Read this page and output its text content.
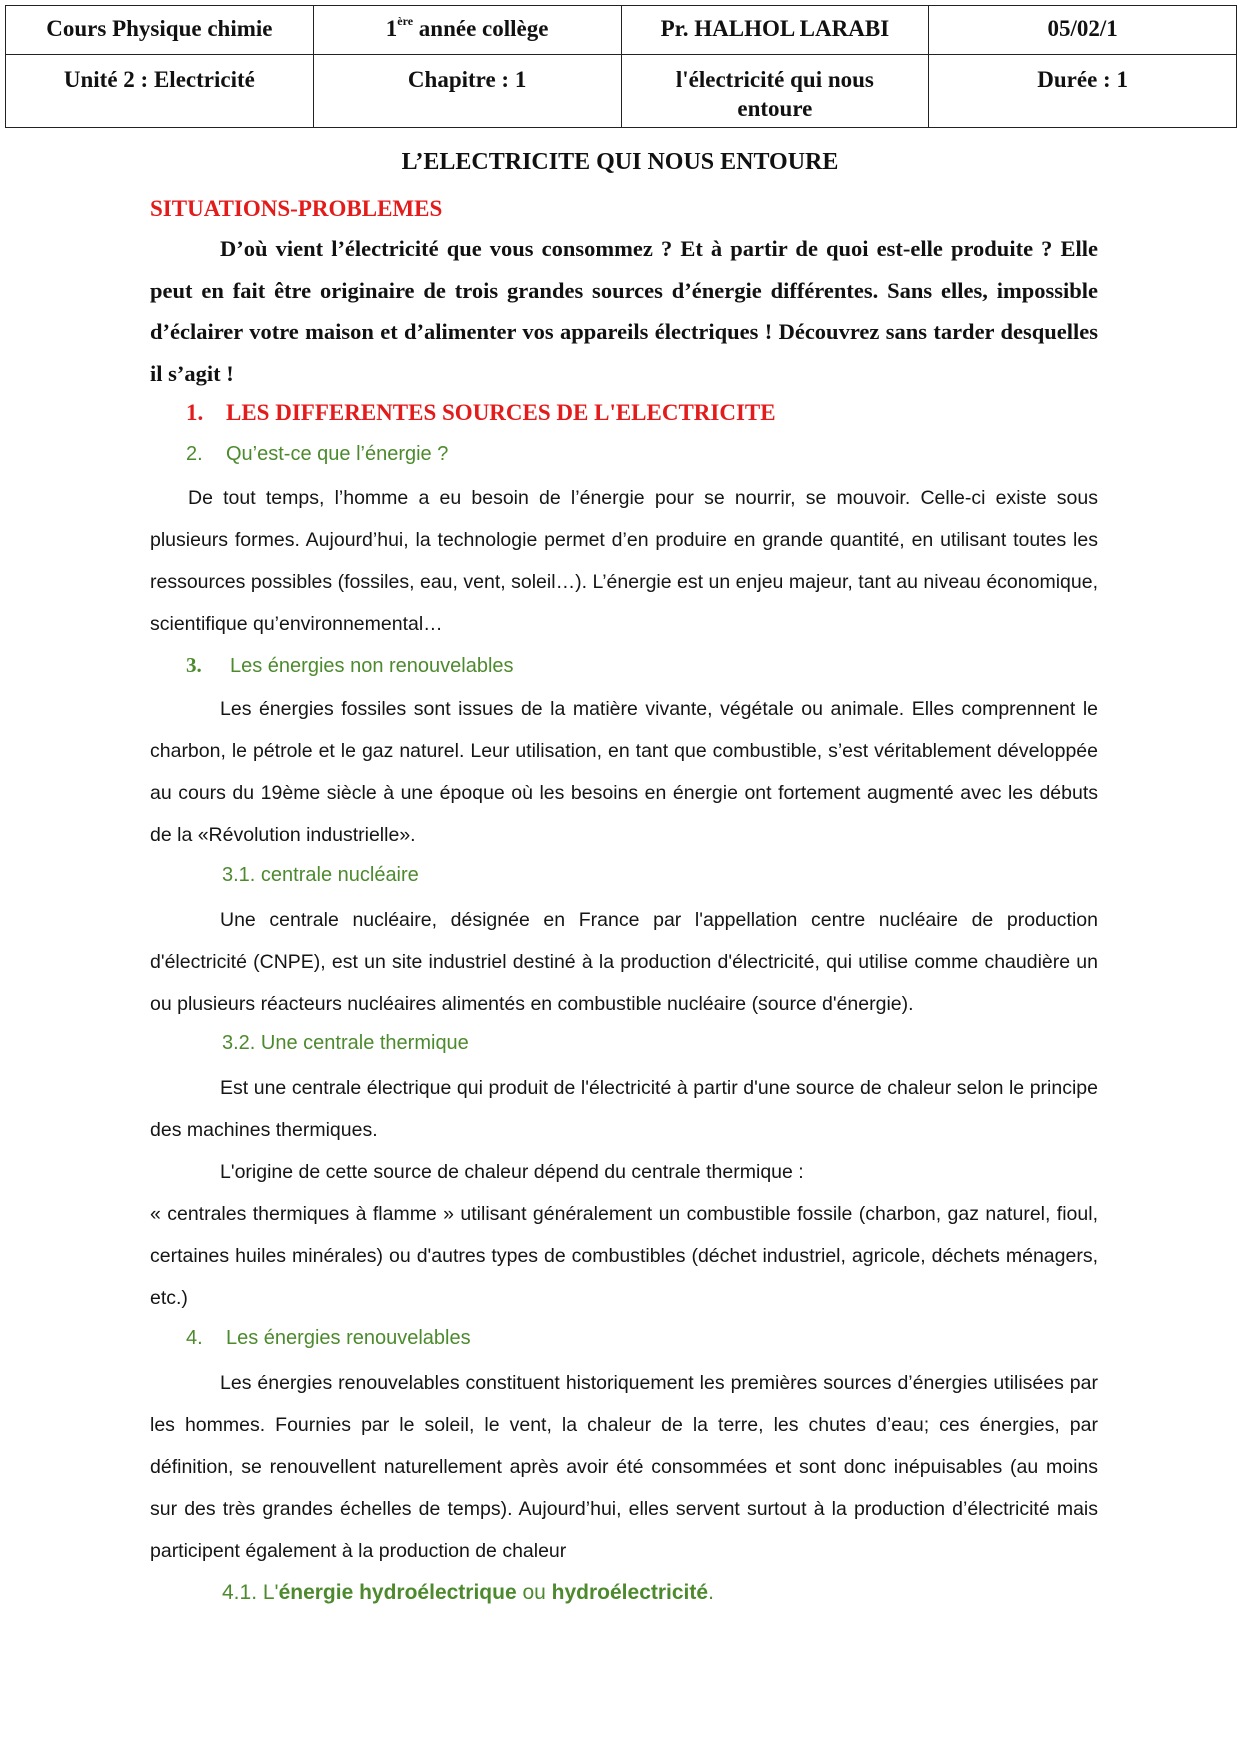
Cours Physique chimie	1ère année collège	Pr. HALHOL LARABI	05/02/1
Unité 2 : Electricité	Chapitre : 1	l'électricité qui nous entoure	Durée : 1
L’ELECTRICITE QUI NOUS ENTOURE
SITUATIONS-PROBLEMES
D’où vient l’électricité que vous consommez ? Et à partir de quoi est-elle produite ? Elle peut en fait être originaire de trois grandes sources d’énergie différentes. Sans elles, impossible d’éclairer votre maison et d’alimenter vos appareils électriques ! Découvrez sans tarder desquelles il s’agit !
1. LES DIFFERENTES SOURCES DE L'ELECTRICITE
2. Qu’est-ce que l’énergie ?
De tout temps, l’homme a eu besoin de l’énergie pour se nourrir, se mouvoir. Celle-ci existe sous plusieurs formes. Aujourd’hui, la technologie permet d’en produire en grande quantité, en utilisant toutes les ressources possibles (fossiles, eau, vent, soleil…). L’énergie est un enjeu majeur, tant au niveau économique, scientifique qu’environnemental…
3. Les énergies non renouvelables
Les énergies fossiles sont issues de la matière vivante, végétale ou animale. Elles comprennent le charbon, le pétrole et le gaz naturel. Leur utilisation, en tant que combustible, s’est véritablement développée au cours du 19ème siècle à une époque où les besoins en énergie ont fortement augmenté avec les débuts de la «Révolution industrielle».
3.1. centrale nucléaire
Une centrale nucléaire, désignée en France par l'appellation centre nucléaire de production d'électricité (CNPE), est un site industriel destiné à la production d'électricité, qui utilise comme chaudière un ou plusieurs réacteurs nucléaires alimentés en combustible nucléaire (source d'énergie).
3.2. Une centrale thermique
Est une centrale électrique qui produit de l'électricité à partir d'une source de chaleur selon le principe des machines thermiques.
L'origine de cette source de chaleur dépend du centrale thermique :
« centrales thermiques à flamme » utilisant généralement un combustible fossile (charbon, gaz naturel, fioul, certaines huiles minérales) ou d'autres types de combustibles (déchet industriel, agricole, déchets ménagers, etc.)
4. Les énergies renouvelables
Les énergies renouvelables constituent historiquement les premières sources d’énergies utilisées par les hommes. Fournies par le soleil, le vent, la chaleur de la terre, les chutes d’eau; ces énergies, par définition, se renouvellent naturellement après avoir été consommées et sont donc inépuisables (au moins sur des très grandes échelles de temps). Aujourd’hui, elles servent surtout à la production d’électricité mais participent également à la production de chaleur
4.1. L'énergie hydroélectrique ou hydroélectricité.
